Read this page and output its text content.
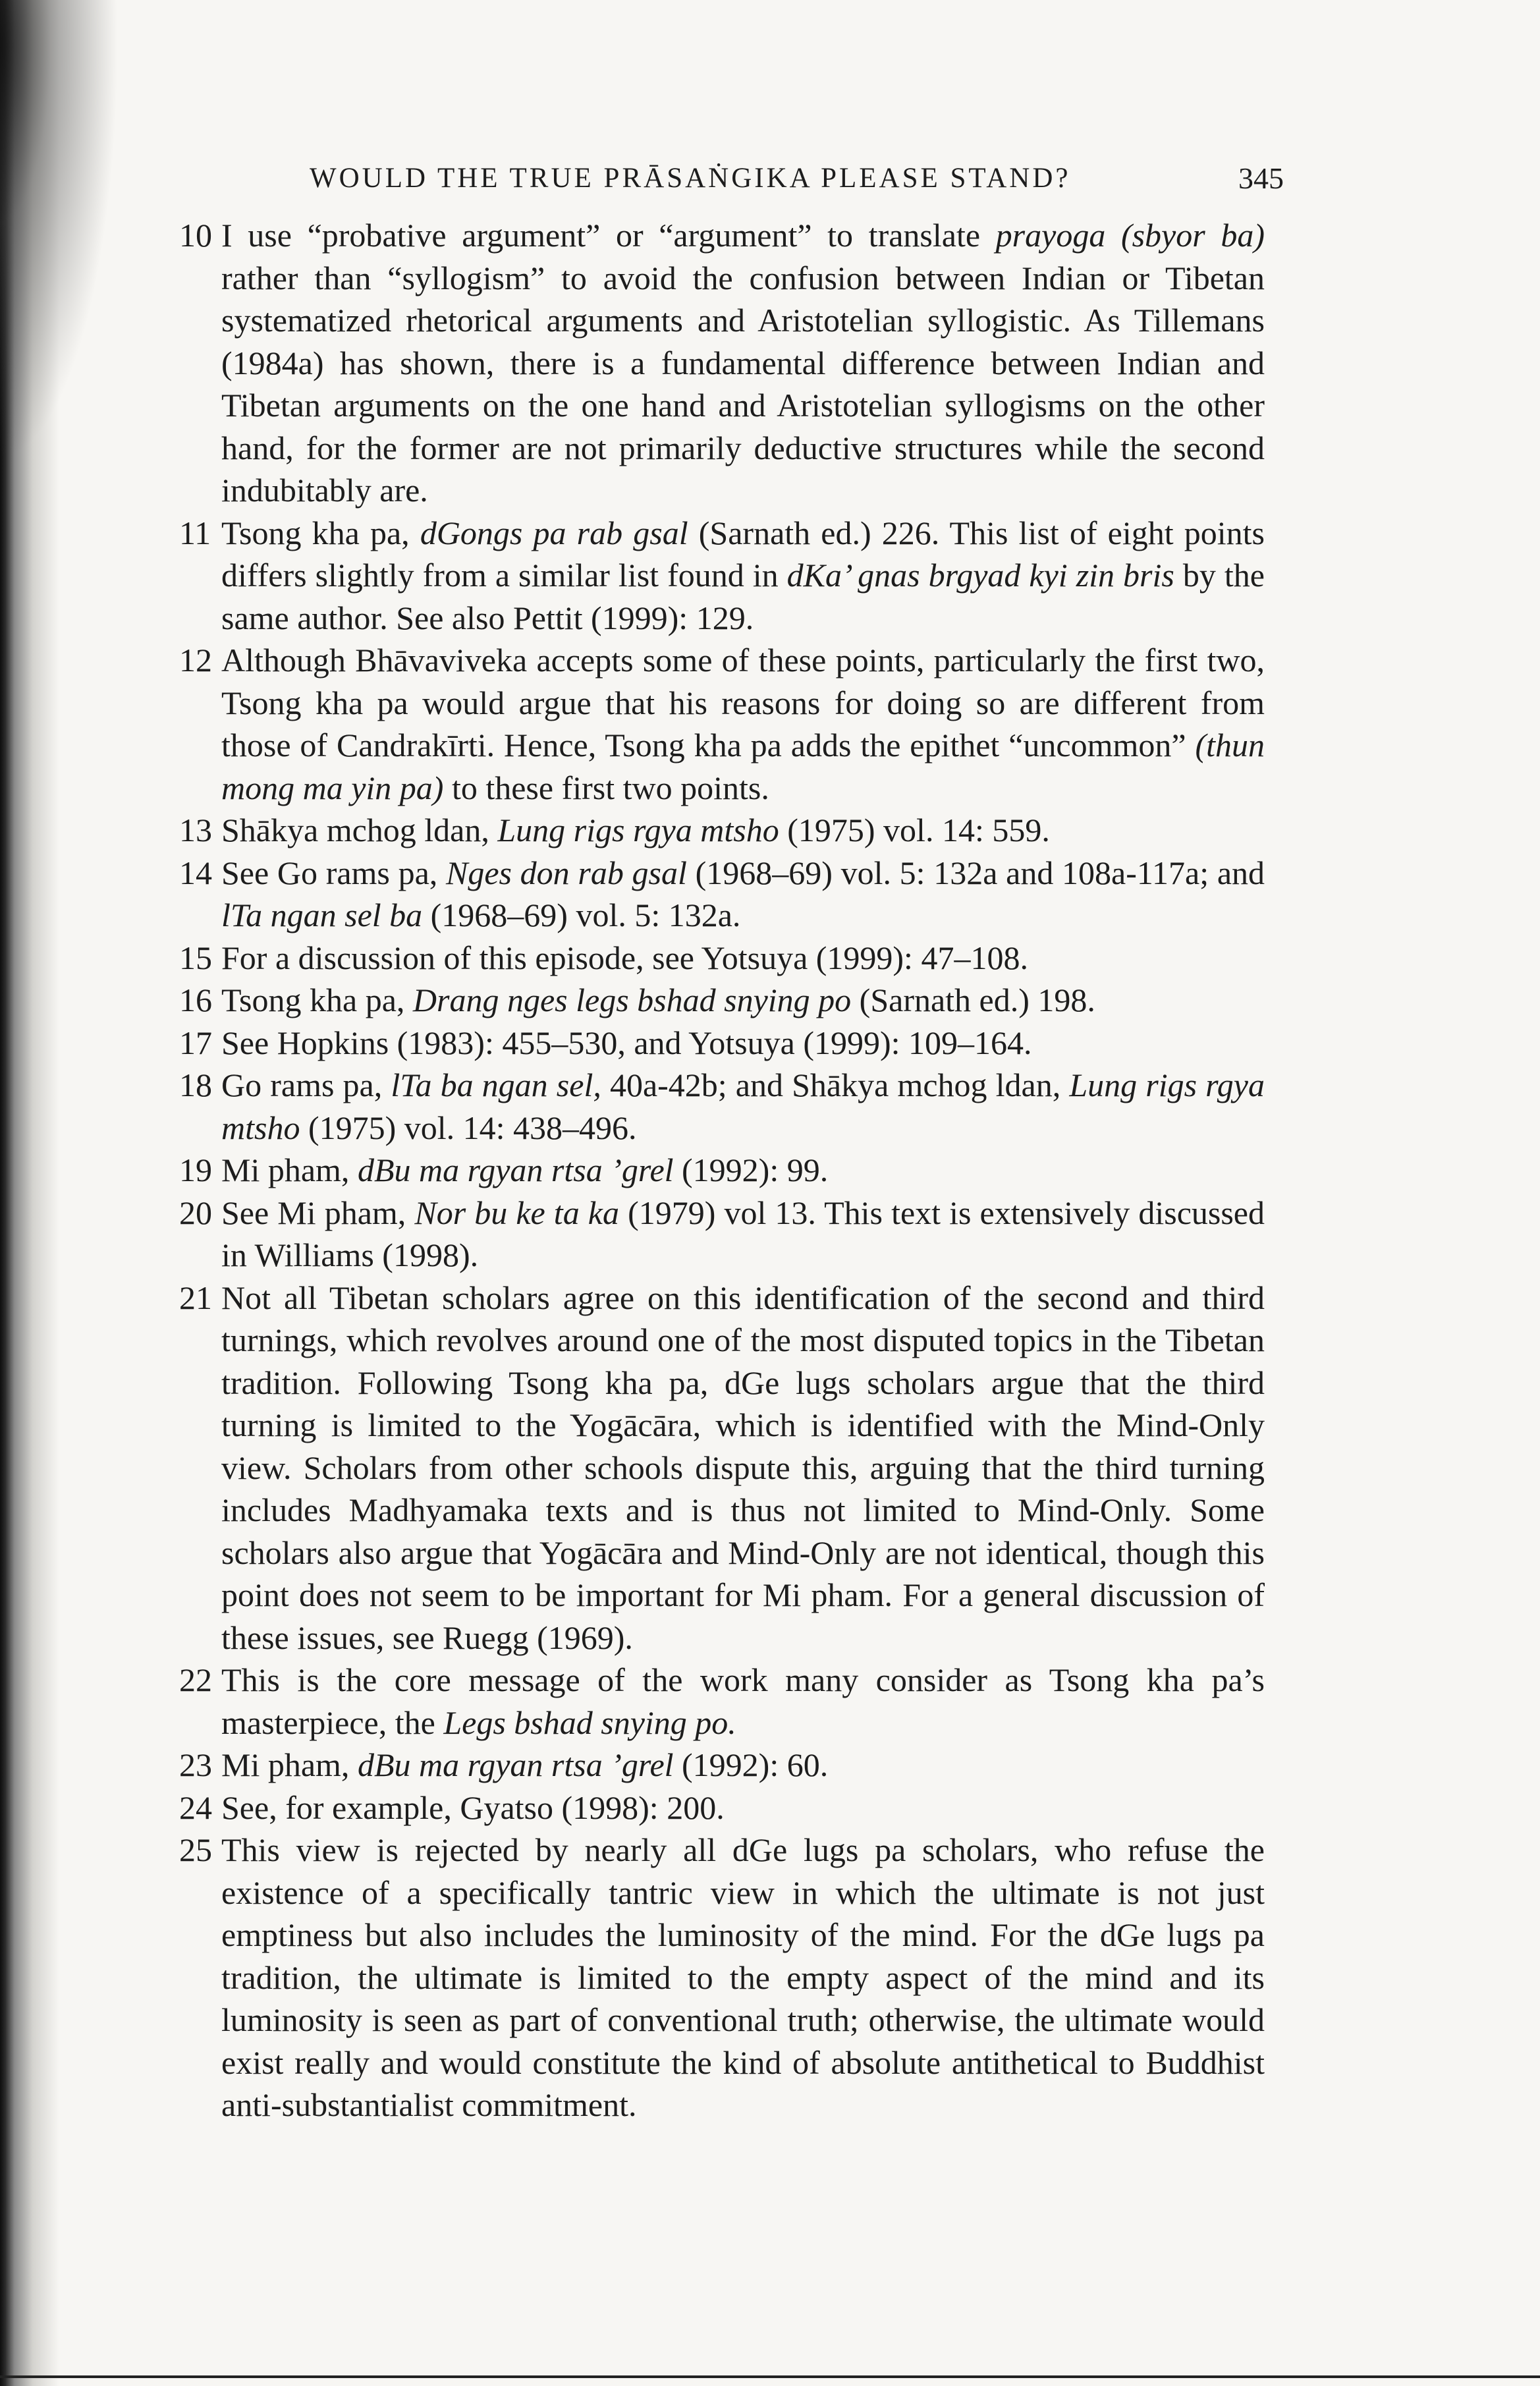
WOULD THE TRUE PRĀSAṄGIKA PLEASE STAND?	345
10 I use “probative argument” or “argument” to translate prayoga (sbyor ba) rather than “syllogism” to avoid the confusion between Indian or Tibetan systematized rhetorical arguments and Aristotelian syllogistic. As Tillemans (1984a) has shown, there is a fundamental difference between Indian and Tibetan arguments on the one hand and Aristotelian syllogisms on the other hand, for the former are not primarily deductive structures while the second indubitably are.
11 Tsong kha pa, dGongs pa rab gsal (Sarnath ed.) 226. This list of eight points differs slightly from a similar list found in dKa’ gnas brgyad kyi zin bris by the same author. See also Pettit (1999): 129.
12 Although Bhāvaviveka accepts some of these points, particularly the first two, Tsong kha pa would argue that his reasons for doing so are different from those of Candrakīrti. Hence, Tsong kha pa adds the epithet “uncommon” (thun mong ma yin pa) to these first two points.
13 Shākya mchog ldan, Lung rigs rgya mtsho (1975) vol. 14: 559.
14 See Go rams pa, Nges don rab gsal (1968–69) vol. 5: 132a and 108a-117a; and lTa ngan sel ba (1968–69) vol. 5: 132a.
15 For a discussion of this episode, see Yotsuya (1999): 47–108.
16 Tsong kha pa, Drang nges legs bshad snying po (Sarnath ed.) 198.
17 See Hopkins (1983): 455–530, and Yotsuya (1999): 109–164.
18 Go rams pa, lTa ba ngan sel, 40a-42b; and Shākya mchog ldan, Lung rigs rgya mtsho (1975) vol. 14: 438–496.
19 Mi pham, dBu ma rgyan rtsa ’grel (1992): 99.
20 See Mi pham, Nor bu ke ta ka (1979) vol 13. This text is extensively discussed in Williams (1998).
21 Not all Tibetan scholars agree on this identification of the second and third turnings, which revolves around one of the most disputed topics in the Tibetan tradition. Following Tsong kha pa, dGe lugs scholars argue that the third turning is limited to the Yogācāra, which is identified with the Mind-Only view. Scholars from other schools dispute this, arguing that the third turning includes Madhyamaka texts and is thus not limited to Mind-Only. Some scholars also argue that Yogācāra and Mind-Only are not identical, though this point does not seem to be important for Mi pham. For a general discussion of these issues, see Ruegg (1969).
22 This is the core message of the work many consider as Tsong kha pa’s masterpiece, the Legs bshad snying po.
23 Mi pham, dBu ma rgyan rtsa ’grel (1992): 60.
24 See, for example, Gyatso (1998): 200.
25 This view is rejected by nearly all dGe lugs pa scholars, who refuse the existence of a specifically tantric view in which the ultimate is not just emptiness but also includes the luminosity of the mind. For the dGe lugs pa tradition, the ultimate is limited to the empty aspect of the mind and its luminosity is seen as part of conventional truth; otherwise, the ultimate would exist really and would constitute the kind of absolute antithetical to Buddhist anti-substantialist commitment.
